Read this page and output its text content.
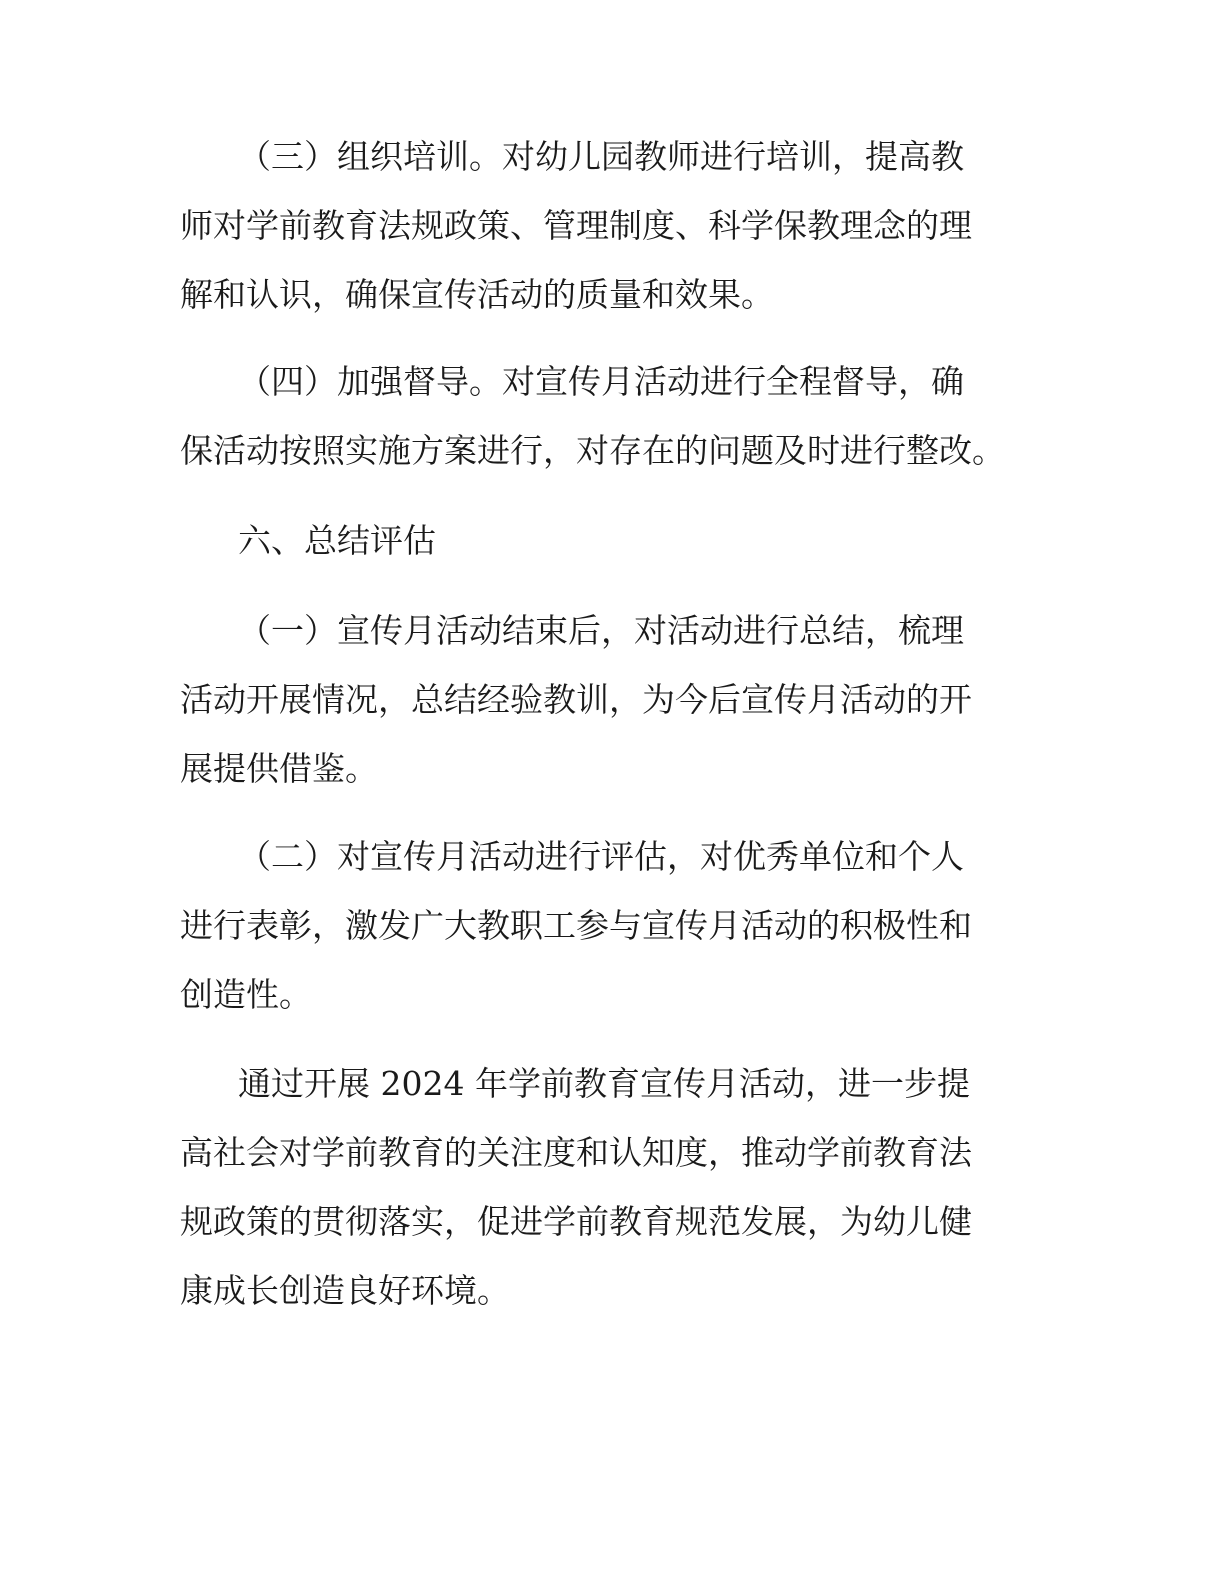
（三）组织培训。对幼儿园教师进行培训，提高教
师对学前教育法规政策、管理制度、科学保教理念的理
解和认识，确保宣传活动的质量和效果。

（四）加强督导。对宣传月活动进行全程督导，确
保活动按照实施方案进行，对存在的问题及时进行整改。

六、总结评估

（一）宣传月活动结束后，对活动进行总结，梳理
活动开展情况，总结经验教训，为今后宣传月活动的开
展提供借鉴。

（二）对宣传月活动进行评估，对优秀单位和个人
进行表彰，激发广大教职工参与宣传月活动的积极性和
创造性。

通过开展 2024 年学前教育宣传月活动，进一步提
高社会对学前教育的关注度和认知度，推动学前教育法
规政策的贯彻落实，促进学前教育规范发展，为幼儿健
康成长创造良好环境。
